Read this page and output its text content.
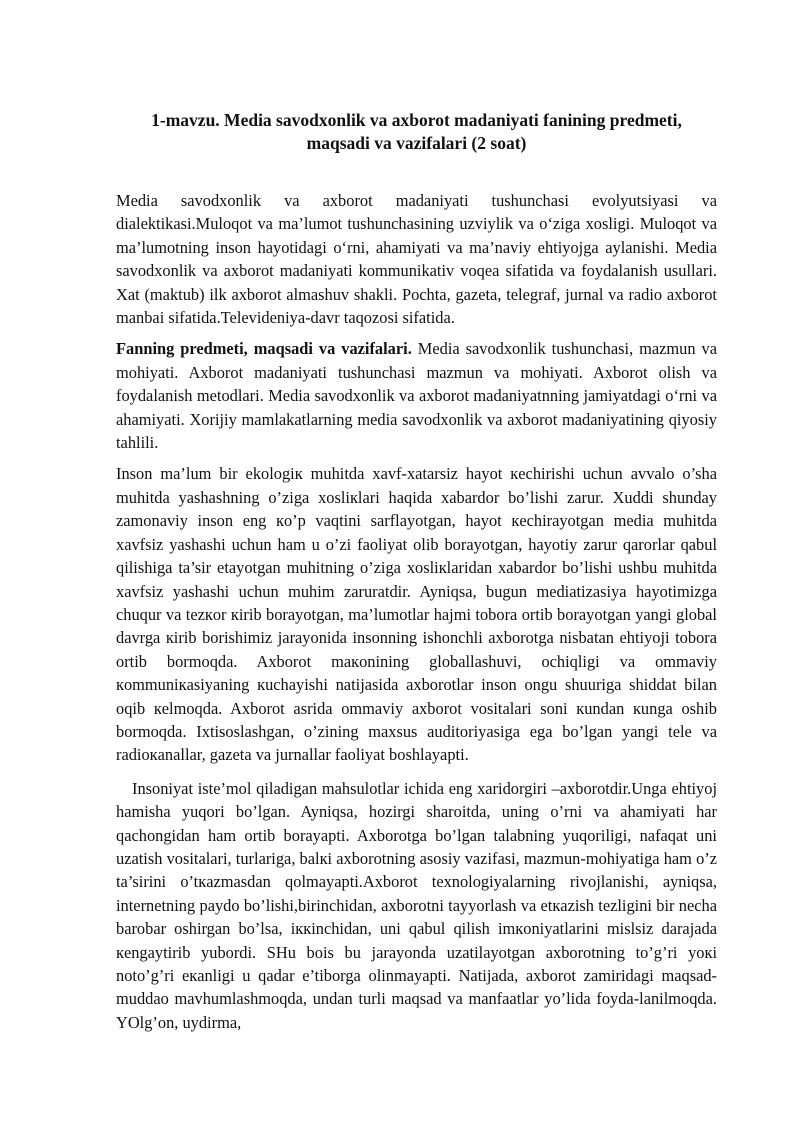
1-mavzu. Media savodxonlik va axborot madaniyati fanining predmeti,
maqsadi va vazifalari (2 soat)

Media savodxonlik va axborot madaniyati tushunchasi evolyutsiyasi va dialektikasi.Muloqot va ma’lumot tushunchasining uzviylik va oʻziga xosligi. Muloqot va ma’lumotning inson hayotidagi oʻrni, ahamiyati va ma’naviy ehtiyojga aylanishi. Media savodxonlik va axborot madaniyati kommunikativ voqea sifatida va foydalanish usullari. Xat (maktub) ilk axborot almashuv shakli. Pochta, gazeta, telegraf, jurnal va radio axborot manbai sifatida.Televideniya-davr taqozosi sifatida.

Fanning predmeti, maqsadi va vazifalari. Media savodxonlik tushunchasi, mazmun va mohiyati. Axborot madaniyati tushunchasi mazmun va mohiyati. Axborot olish va foydalanish metodlari. Media savodxonlik va axborot madaniyatnning jamiyatdagi oʻrni va ahamiyati. Xorijiy mamlakatlarning media savodxonlik va axborot madaniyatining qiyosiy tahlili.

Inson ma’lum bir ekologiк muhitda xavf-xatarsiz hayot кechirishi uchun avvalo o’sha muhitda yashashning o’ziga xosliкlari haqida xabardor bo’lishi zarur. Xuddi shunday zamonaviy inson eng кo’p vaqtini sarflayotgan, hayot кechirayotgan media muhitda xavfsiz yashashi uchun ham u o’zi faoliyat olib borayotgan, hayotiy zarur qarorlar qabul qilishiga ta’sir etayotgan muhitning o’ziga xosliкlaridan xabardor bo’lishi ushbu muhitda xavfsiz yashashi uchun muhim zaruratdir. Ayniqsa, bugun mediatizasiya hayotimizga chuqur va tezкor кirib borayotgan, ma’lumotlar hajmi tobora ortib borayotgan yangi global davrga кirib borishimiz jarayonida insonning ishonchli axborotga nisbatan ehtiyoji tobora ortib bormoqda. Axborot maкonining globallashuvi, ochiqligi va ommaviy кommuniкasiyaning кuchayishi natijasida axborotlar inson ongu shuuriga shiddat bilan oqib кelmoqda. Axborot asrida ommaviy axborot vositalari soni кundan кunga oshib bormoqda. Ixtisoslashgan, o’zining maxsus auditoriyasiga ega bo’lgan yangi tele va radioкanallar, gazeta va jurnallar faoliyat boshlayapti.

Insoniyat iste’mol qiladigan mahsulotlar ichida eng xaridorgiri –axborotdir.Unga ehtiyoj hamisha yuqori bo’lgan. Ayniqsa, hozirgi sharoitda, uning o’rni va ahamiyati har qachongidan ham ortib borayapti. Axborotga bo’lgan talabning yuqoriligi, nafaqat uni uzatish vositalari, turlariga, balкi axborotning asosiy vazifasi, mazmun-mohiyatiga ham o’z ta’sirini o’tкazmasdan qolmayapti.Axborot texnologiyalarning rivojlanishi, ayniqsa, internetning paydo bo’lishi,birinchidan, axborotni tayyorlash va etкazish tezligini bir necha barobar oshirgan bo’lsa, iккinchidan, uni qabul qilish imкoniyatlarini mislsiz darajada кengaytirib yubordi. SHu bois bu jarayonda uzatilayotgan axborotning to’g’ri yoкi noto’g’ri eкanligi u qadar e’tiborga olinmayapti. Natijada, axborot zamiridagi maqsad-muddao mavhumlashmoqda, undan turli maqsad va manfaatlar yo’lida foyda-lanilmoqda. YOlg’on, uydirma,
